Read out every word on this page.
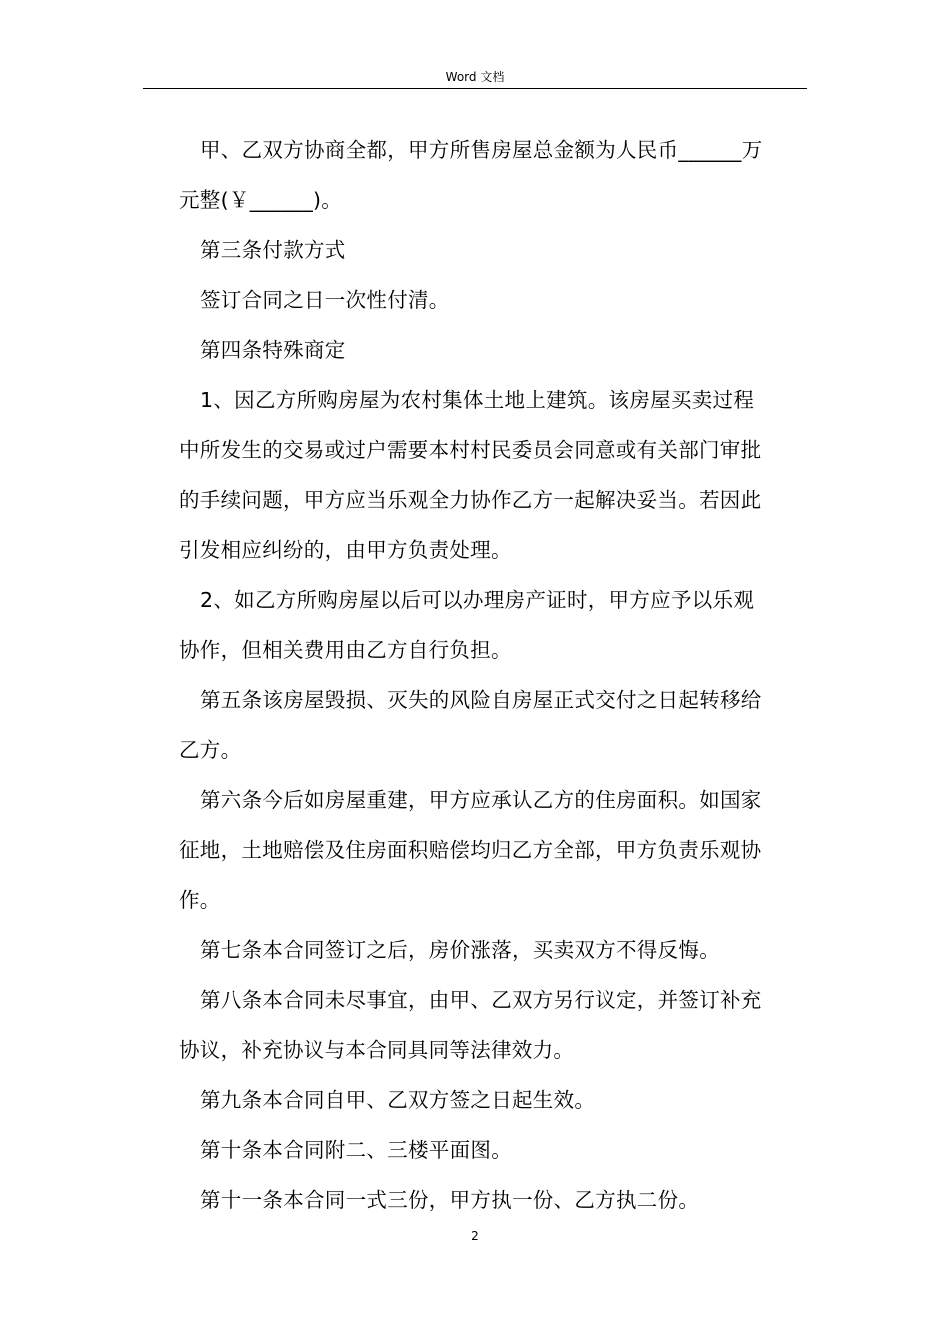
Word 文档

甲、乙双方协商全都，甲方所售房屋总金额为人民币______万
元整(￥______)。

第三条付款方式

签订合同之日一次性付清。

第四条特殊商定

1、因乙方所购房屋为农村集体土地上建筑。该房屋买卖过程
中所发生的交易或过户需要本村村民委员会同意或有关部门审批
的手续问题，甲方应当乐观全力协作乙方一起解决妥当。若因此
引发相应纠纷的，由甲方负责处理。

2、如乙方所购房屋以后可以办理房产证时，甲方应予以乐观
协作，但相关费用由乙方自行负担。

第五条该房屋毁损、灭失的风险自房屋正式交付之日起转移给
乙方。

第六条今后如房屋重建，甲方应承认乙方的住房面积。如国家
征地，土地赔偿及住房面积赔偿均归乙方全部，甲方负责乐观协
作。

第七条本合同签订之后，房价涨落，买卖双方不得反悔。

第八条本合同未尽事宜，由甲、乙双方另行议定，并签订补充
协议，补充协议与本合同具同等法律效力。

第九条本合同自甲、乙双方签之日起生效。

第十条本合同附二、三楼平面图。

第十一条本合同一式三份，甲方执一份、乙方执二份。

2
